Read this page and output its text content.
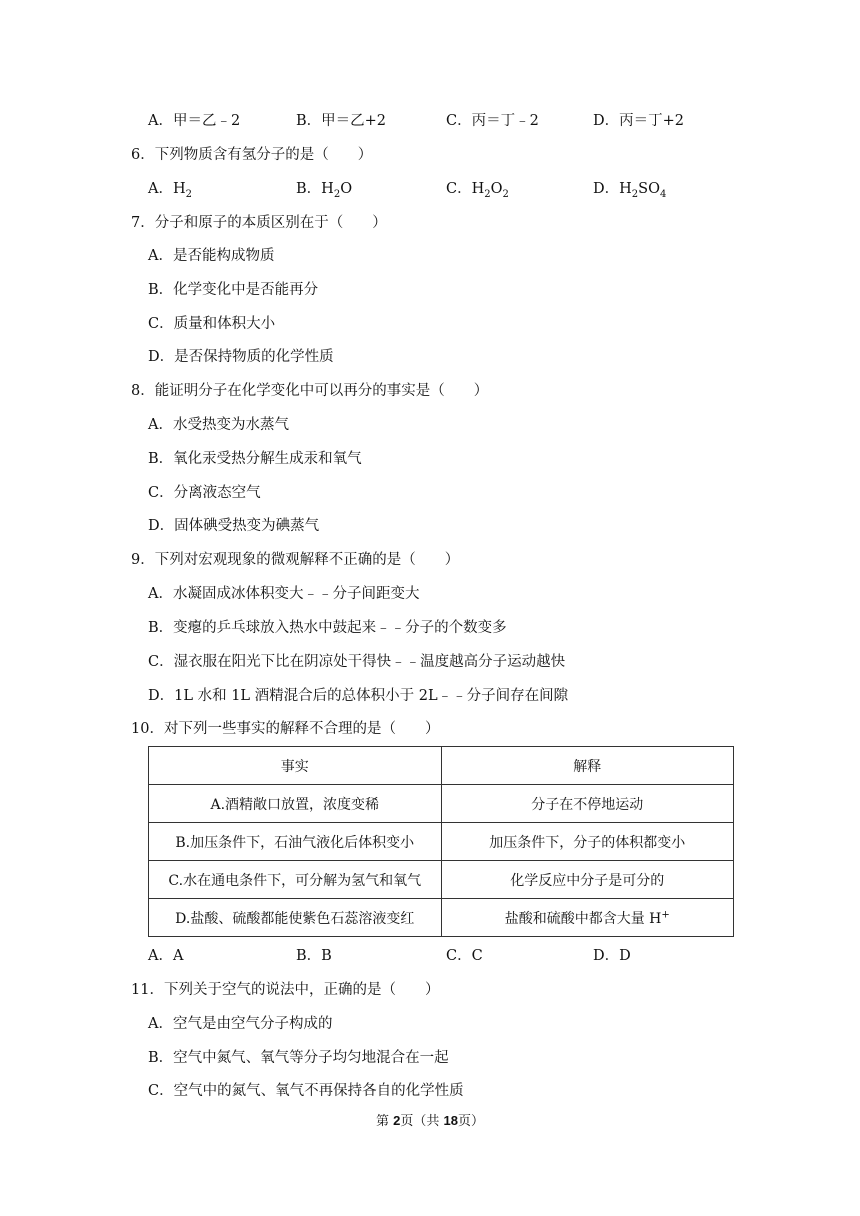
A．甲＝乙﹣2	B．甲＝乙+2	C．丙＝丁﹣2	D．丙＝丁+2
6．下列物质含有氢分子的是（　　）
A．$H_2$	B．$H_2O$	C．$H_2O_2$	D．$H_2SO_4$
7．分子和原子的本质区别在于（　　）
A．是否能构成物质
B．化学变化中是否能再分
C．质量和体积大小
D．是否保持物质的化学性质
8．能证明分子在化学变化中可以再分的事实是（　　）
A．水受热变为水蒸气
B．氧化汞受热分解生成汞和氧气
C．分离液态空气
D．固体碘受热变为碘蒸气
9．下列对宏观现象的微观解释不正确的是（　　）
A．水凝固成冰体积变大﹣﹣分子间距变大
B．变瘪的乒乓球放入热水中鼓起来﹣﹣分子的个数变多
C．湿衣服在阳光下比在阴凉处干得快﹣﹣温度越高分子运动越快
D．1L 水和 1L 酒精混合后的总体积小于 2L﹣﹣分子间存在间隙
10．对下列一些事实的解释不合理的是（　　）
事实	解释
A.酒精敞口放置，浓度变稀	分子在不停地运动
B.加压条件下，石油气液化后体积变小	加压条件下，分子的体积都变小
C.水在通电条件下，可分解为氢气和氧气	化学反应中分子是可分的
D.盐酸、硫酸都能使紫色石蕊溶液变红	盐酸和硫酸中都含大量 H+
A．A	B．B	C．C	D．D
11．下列关于空气的说法中，正确的是（　　）
A．空气是由空气分子构成的
B．空气中氮气、氧气等分子均匀地混合在一起
C．空气中的氮气、氧气不再保持各自的化学性质
第 2页（共 18页）
